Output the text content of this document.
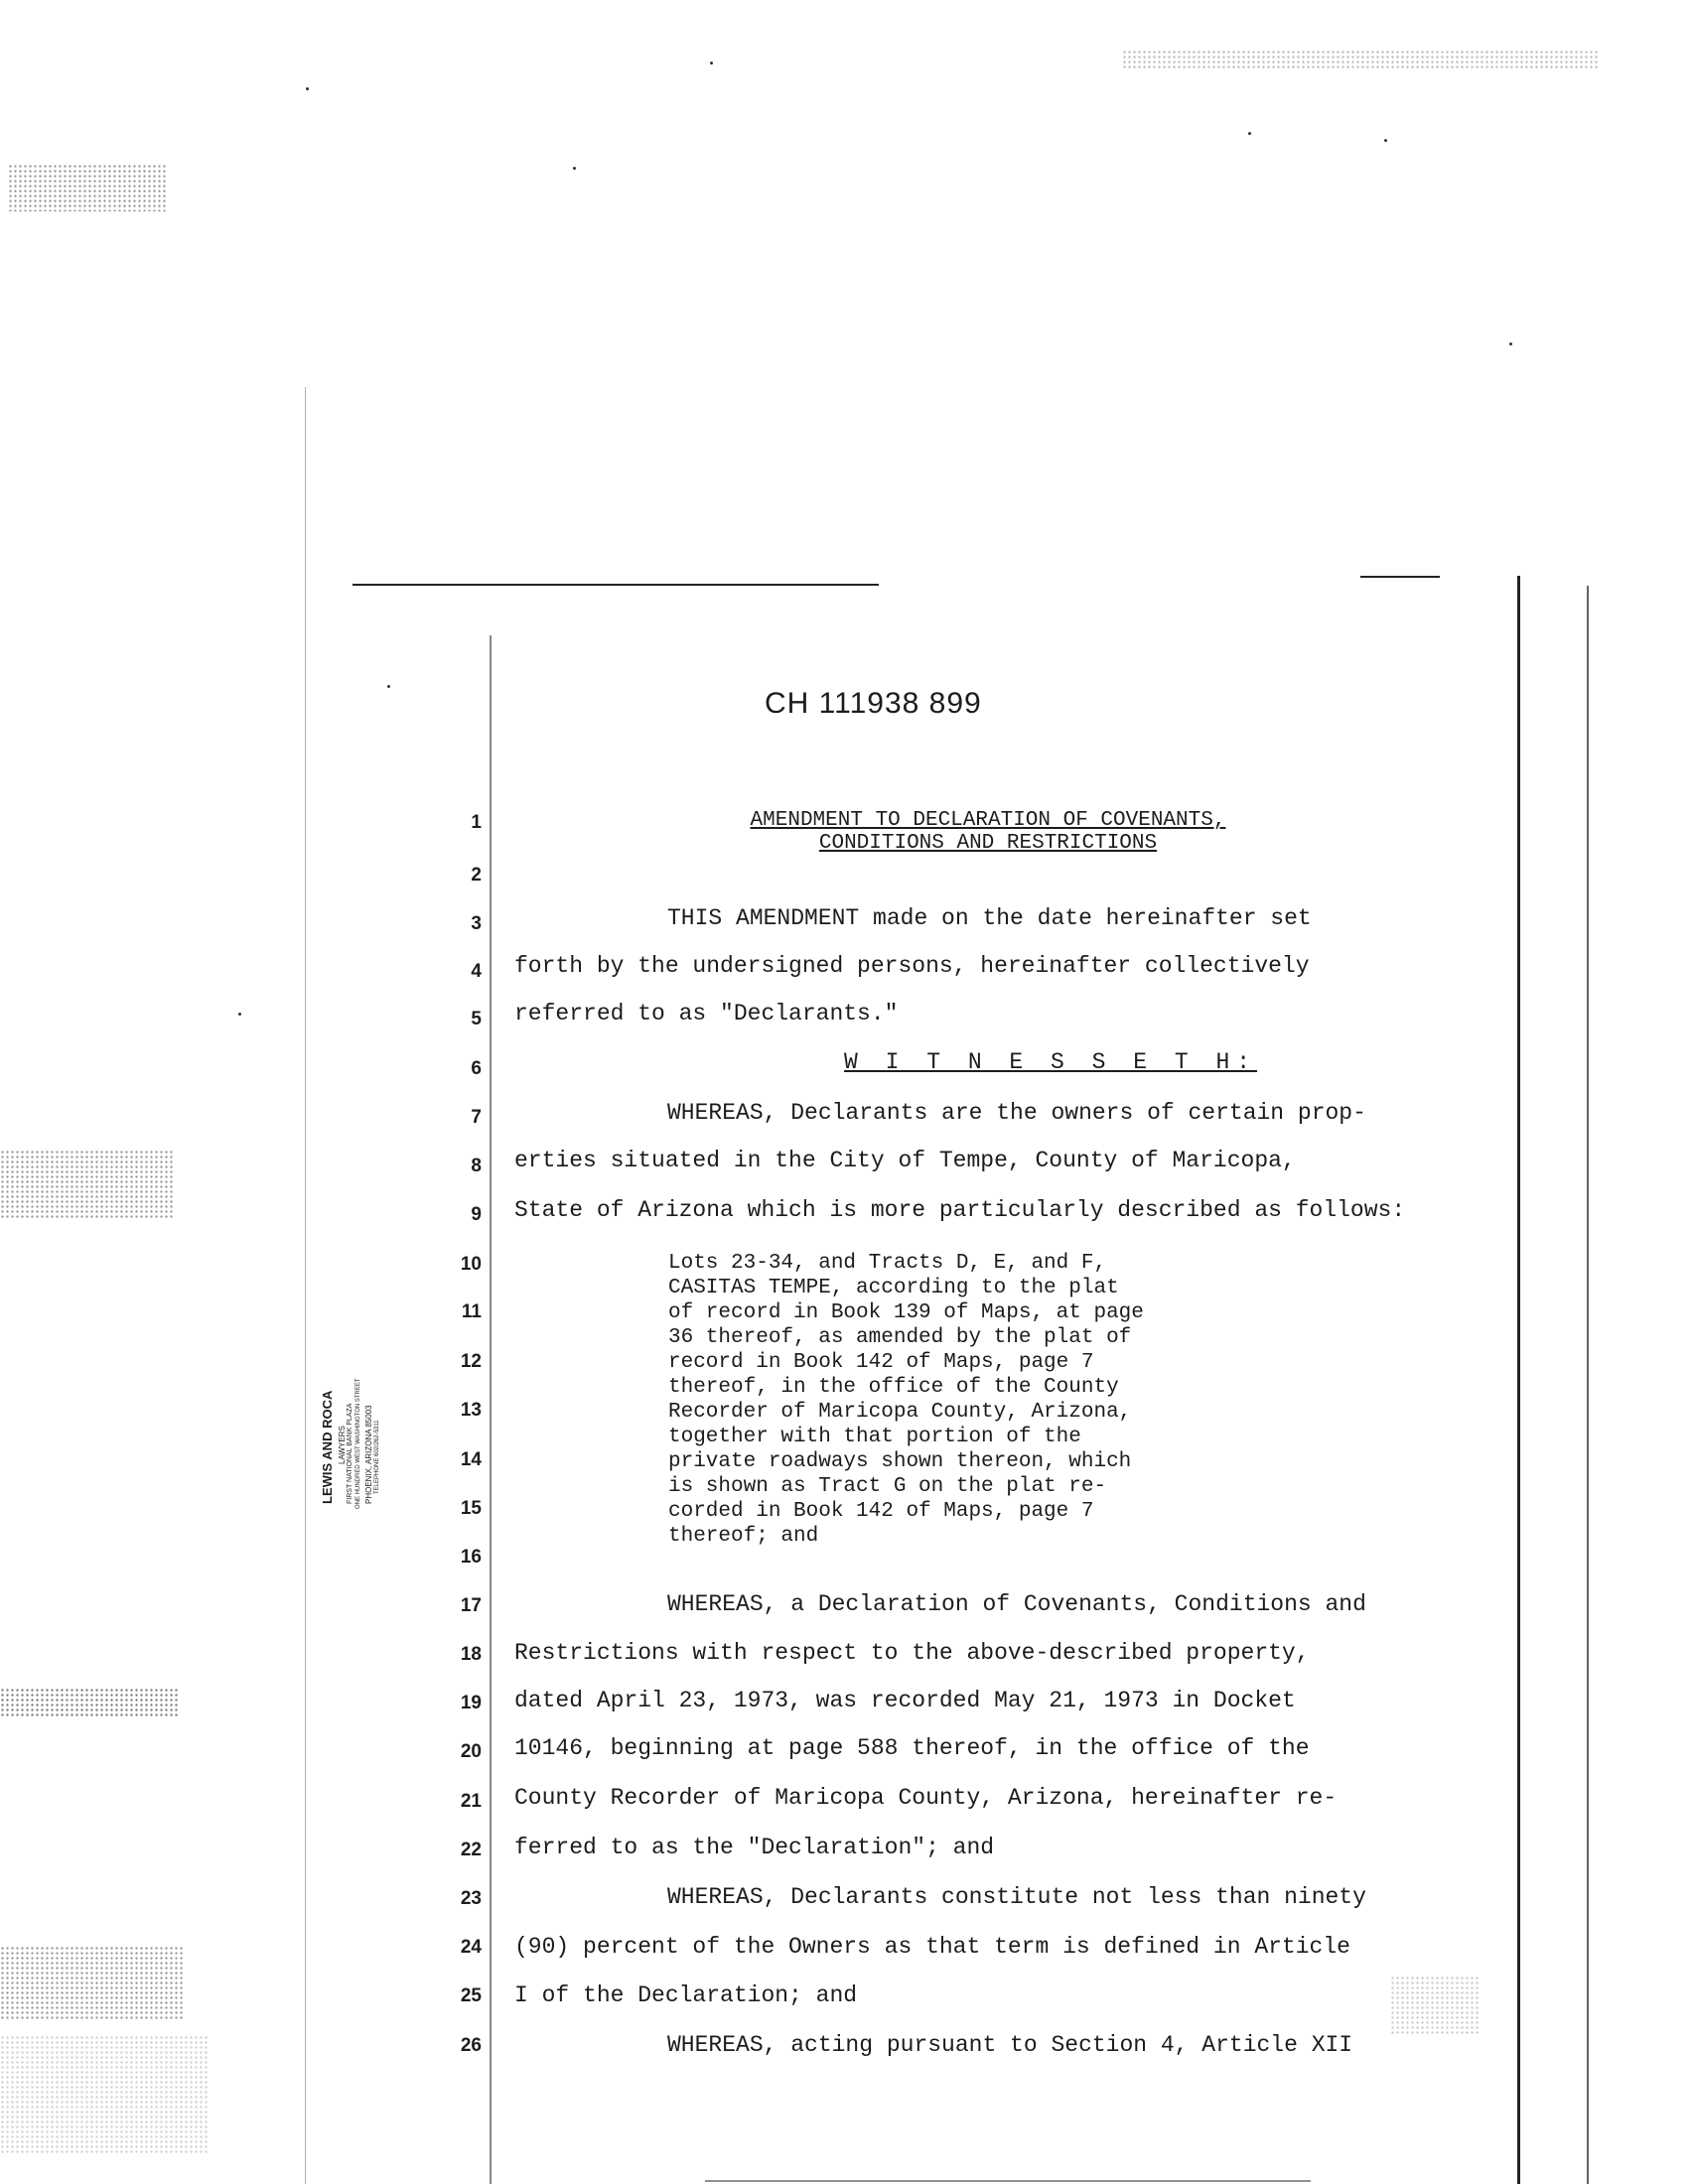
CH 111938 899
AMENDMENT TO DECLARATION OF COVENANTS,
CONDITIONS AND RESTRICTIONS
1
2
3
4
5
6
7
8
9
10
11
12
13
14
15
16
17
18
19
20
21
22
23
24
25
26
THIS AMENDMENT made on the date hereinafter set
forth by the undersigned persons, hereinafter collectively
referred to as "Declarants."
W I T N E S S E T H:
WHEREAS, Declarants are the owners of certain prop-
erties situated in the City of Tempe, County of Maricopa,
State of Arizona which is more particularly described as follows:
Lots 23-34, and Tracts D, E, and F,
CASITAS TEMPE, according to the plat
of record in Book 139 of Maps, at page
36 thereof, as amended by the plat of
record in Book 142 of Maps, page 7
thereof, in the office of the County
Recorder of Maricopa County, Arizona,
together with that portion of the
private roadways shown thereon, which
is shown as Tract G on the plat re-
corded in Book 142 of Maps, page 7
thereof; and
WHEREAS, a Declaration of Covenants, Conditions and
Restrictions with respect to the above-described property,
dated April 23, 1973, was recorded May 21, 1973 in Docket
10146, beginning at page 588 thereof, in the office of the
County Recorder of Maricopa County, Arizona, hereinafter re-
ferred to as the "Declaration"; and
WHEREAS, Declarants constitute not less than ninety
(90) percent of the Owners as that term is defined in Article
I of the Declaration; and
WHEREAS, acting pursuant to Section 4, Article XII
LEWIS AND ROCA LAWYERS FIRST NATIONAL BANK PLAZA ONE HUNDRED WEST WASHINGTON STREET PHOENIX, ARIZONA 85003 TELEPHONE 602/262-5311
